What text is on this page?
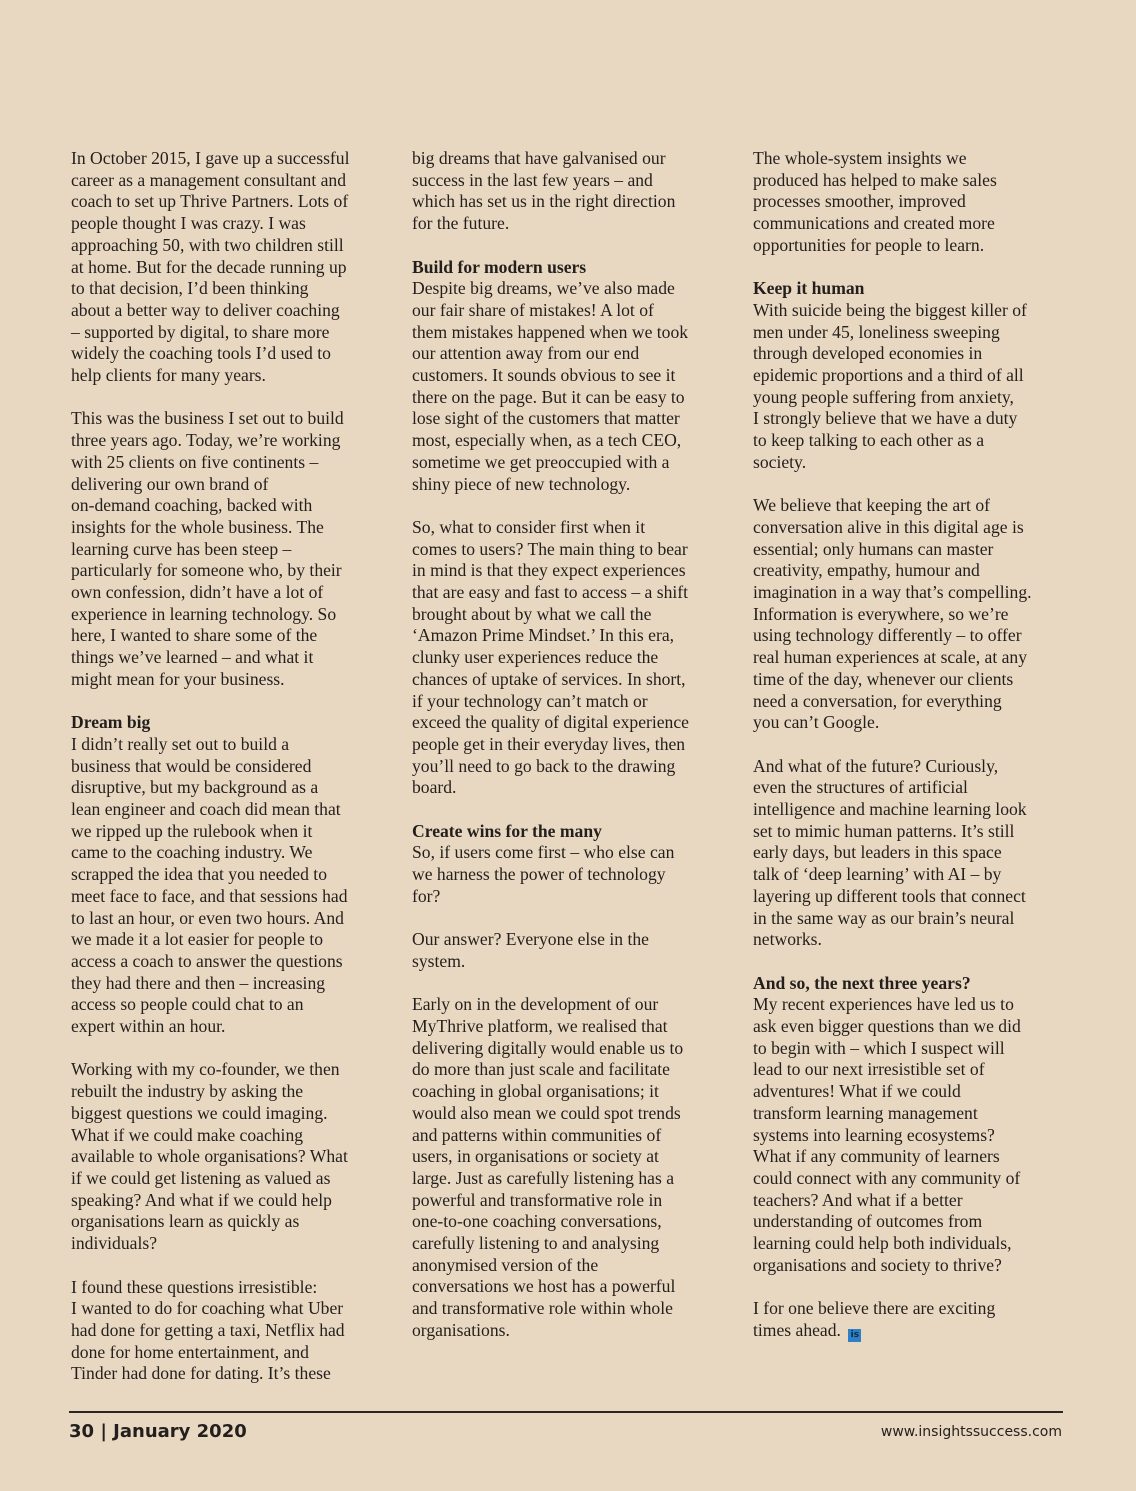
In October 2015, I gave up a successful
career as a management consultant and
coach to set up Thrive Partners. Lots of
people thought I was crazy. I was
approaching 50, with two children still
at home. But for the decade running up
to that decision, I’d been thinking
about a better way to deliver coaching
– supported by digital, to share more
widely the coaching tools I’d used to
help clients for many years.

This was the business I set out to build
three years ago. Today, we’re working
with 25 clients on five continents –
delivering our own brand of
on-demand coaching, backed with
insights for the whole business. The
learning curve has been steep –
particularly for someone who, by their
own confession, didn’t have a lot of
experience in learning technology. So
here, I wanted to share some of the
things we’ve learned – and what it
might mean for your business.

Dream big

I didn’t really set out to build a
business that would be considered
disruptive, but my background as a
lean engineer and coach did mean that
we ripped up the rulebook when it
came to the coaching industry. We
scrapped the idea that you needed to
meet face to face, and that sessions had
to last an hour, or even two hours. And
we made it a lot easier for people to
access a coach to answer the questions
they had there and then – increasing
access so people could chat to an
expert within an hour.

Working with my co-founder, we then
rebuilt the industry by asking the
biggest questions we could imaging.
What if we could make coaching
available to whole organisations? What
if we could get listening as valued as
speaking? And what if we could help
organisations learn as quickly as
individuals?

I found these questions irresistible:
I wanted to do for coaching what Uber
had done for getting a taxi, Netflix had
done for home entertainment, and
Tinder had done for dating. It’s these

big dreams that have galvanised our
success in the last few years – and
which has set us in the right direction
for the future.

Build for modern users

Despite big dreams, we’ve also made
our fair share of mistakes! A lot of
them mistakes happened when we took
our attention away from our end
customers. It sounds obvious to see it
there on the page. But it can be easy to
lose sight of the customers that matter
most, especially when, as a tech CEO,
sometime we get preoccupied with a
shiny piece of new technology.

So, what to consider first when it
comes to users? The main thing to bear
in mind is that they expect experiences
that are easy and fast to access – a shift
brought about by what we call the
‘Amazon Prime Mindset.’ In this era,
clunky user experiences reduce the
chances of uptake of services. In short,
if your technology can’t match or
exceed the quality of digital experience
people get in their everyday lives, then
you’ll need to go back to the drawing
board.

Create wins for the many

So, if users come first – who else can
we harness the power of technology
for?

Our answer? Everyone else in the
system.

Early on in the development of our
MyThrive platform, we realised that
delivering digitally would enable us to
do more than just scale and facilitate
coaching in global organisations; it
would also mean we could spot trends
and patterns within communities of
users, in organisations or society at
large. Just as carefully listening has a
powerful and transformative role in
one-to-one coaching conversations,
carefully listening to and analysing
anonymised version of the
conversations we host has a powerful
and transformative role within whole
organisations.

The whole-system insights we
produced has helped to make sales
processes smoother, improved
communications and created more
opportunities for people to learn.

Keep it human

With suicide being the biggest killer of
men under 45, loneliness sweeping
through developed economies in
epidemic proportions and a third of all
young people suffering from anxiety,
I strongly believe that we have a duty
to keep talking to each other as a
society.

We believe that keeping the art of
conversation alive in this digital age is
essential; only humans can master
creativity, empathy, humour and
imagination in a way that’s compelling.
Information is everywhere, so we’re
using technology differently – to offer
real human experiences at scale, at any
time of the day, whenever our clients
need a conversation, for everything
you can’t Google.

And what of the future? Curiously,
even the structures of artificial
intelligence and machine learning look
set to mimic human patterns. It’s still
early days, but leaders in this space
talk of ‘deep learning’ with AI – by
layering up different tools that connect
in the same way as our brain’s neural
networks.

And so, the next three years?

My recent experiences have led us to
ask even bigger questions than we did
to begin with – which I suspect will
lead to our next irresistible set of
adventures! What if we could
transform learning management
systems into learning ecosystems?
What if any community of learners
could connect with any community of
teachers? And what if a better
understanding of outcomes from
learning could help both individuals,
organisations and society to thrive?

I for one believe there are exciting
times ahead. is

30 | January 2020	www.insightssuccess.com
